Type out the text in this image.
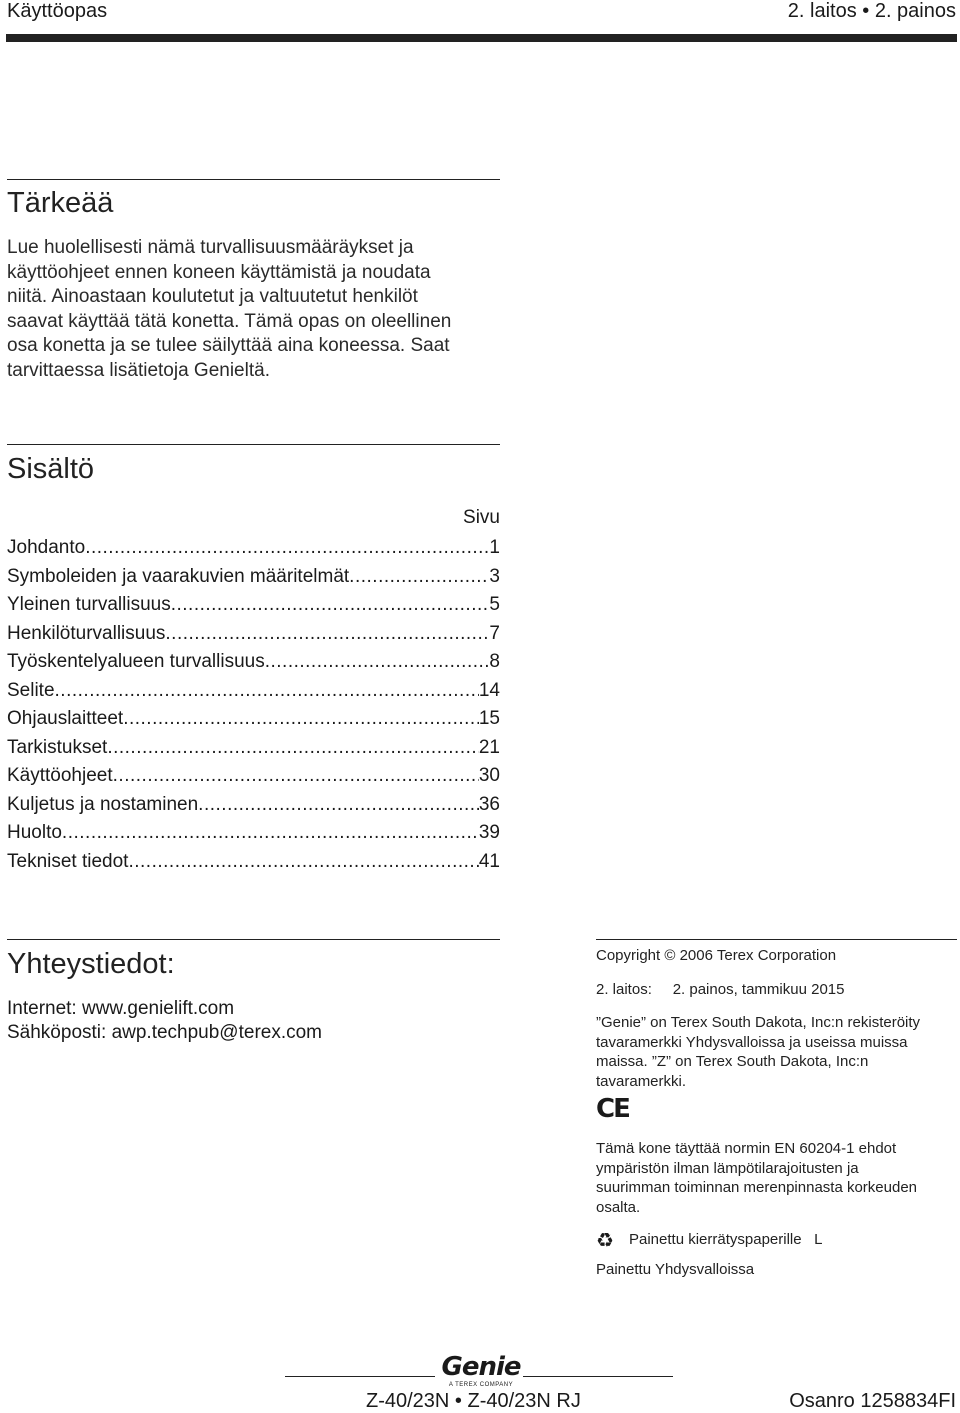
Käyttöopas	2. laitos • 2. painos
Tärkeää
Lue huolellisesti nämä turvallisuusmääräykset ja
käyttöohjeet ennen koneen käyttämistä ja noudata
niitä. Ainoastaan koulutetut ja valtuutetut henkilöt
saavat käyttää tätä konetta. Tämä opas on oleellinen
osa konetta ja se tulee säilyttää aina koneessa. Saat
tarvittaessa lisätietoja Genieltä.
Sisältö
Sivu
Johdanto .....	1
Symboleiden ja vaarakuvien määritelmät .....	3
Yleinen turvallisuus .....	5
Henkilöturvallisuus .....	7
Työskentelyalueen turvallisuus .....	8
Selite .....	14
Ohjauslaitteet .....	15
Tarkistukset .....	21
Käyttöohjeet .....	30
Kuljetus ja nostaminen .....	36
Huolto .....	39
Tekniset tiedot .....	41
Yhteystiedot:
Internet: www.genielift.com
Sähköposti: awp.techpub@terex.com
Copyright © 2006 Terex Corporation
2. laitos:     2. painos, tammikuu 2015
”Genie” on Terex South Dakota, Inc:n rekisteröity
tavaramerkki Yhdysvalloissa ja useissa muissa
maissa. ”Z” on Terex South Dakota, Inc:n
tavaramerkki.
CE
Tämä kone täyttää normin EN 60204-1 ehdot
ympäristön ilman lämpötilarajoitusten ja
suurimman toiminnan merenpinnasta korkeuden
osalta.
♻ Painettu kierrätyspaperille   L
Painettu Yhdysvalloissa
Genie
A TEREX COMPANY
Z-40/23N • Z-40/23N RJ	Osanro 1258834FI
